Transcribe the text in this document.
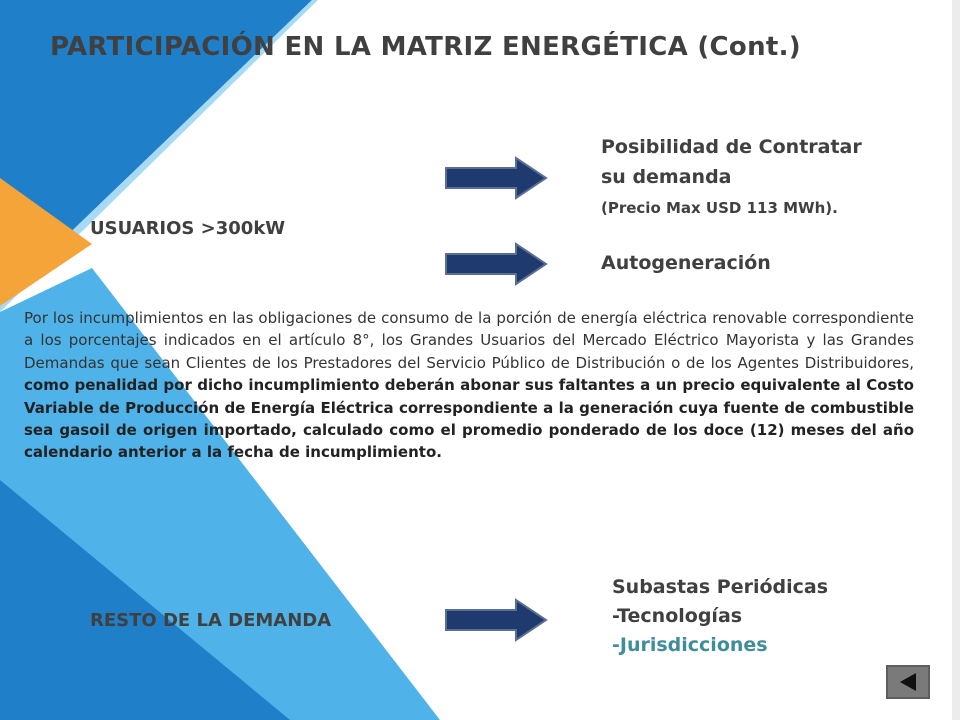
PARTICIPACIÓN EN LA MATRIZ ENERGÉTICA (Cont.)
USUARIOS >300kW
Posibilidad de Contratar
su demanda
(Precio Max USD 113 MWh).
Autogeneración

Por los incumplimientos en las obligaciones de consumo de la porción de energía eléctrica renovable correspondiente a los porcentajes indicados en el artículo 8°, los Grandes Usuarios del Mercado Eléctrico Mayorista y las Grandes Demandas que sean Clientes de los Prestadores del Servicio Público de Distribución o de los Agentes Distribuidores, como penalidad por dicho incumplimiento deberán abonar sus faltantes a un precio equivalente al Costo Variable de Producción de Energía Eléctrica correspondiente a la generación cuya fuente de combustible sea gasoil de origen importado, calculado como el promedio ponderado de los doce (12) meses del año calendario anterior a la fecha de incumplimiento.

RESTO DE LA DEMANDA
Subastas Periódicas
-Tecnologías
-Jurisdicciones
